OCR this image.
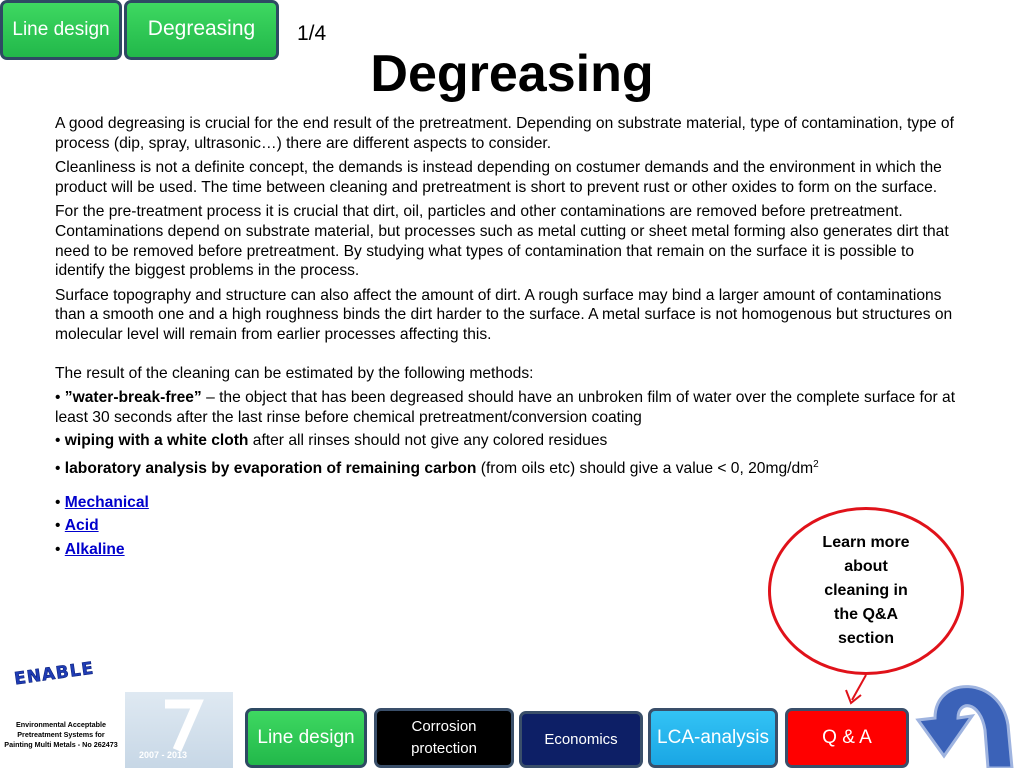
Line design Degreasing 1/4
Degreasing

A good degreasing is crucial for the end result of the pretreatment. Depending on substrate material, type of contamination, type of process (dip, spray, ultrasonic…) there are different aspects to consider.

Cleanliness is not a definite concept, the demands is instead depending on costumer demands and the environment in which the product will be used. The time between cleaning and pretreatment is short to prevent rust or other oxides to form on the surface.

For the pre-treatment process it is crucial that dirt, oil, particles and other contaminations are removed before pretreatment. Contaminations depend on substrate material, but processes such as metal cutting or sheet metal forming also generates dirt that need to be removed before pretreatment. By studying what types of contamination that remain on the surface it is possible to identify the biggest problems in the process.

Surface topography and structure can also affect the amount of dirt. A rough surface may bind a larger amount of contaminations than a smooth one and a high roughness binds the dirt harder to the surface. A metal surface is not homogenous but structures on molecular level will remain from earlier processes affecting this.

The result of the cleaning can be estimated by the following methods:

• ”water-break-free” – the object that has been degreased should have an unbroken film of water over the complete surface for at least 30 seconds after the last rinse before chemical pretreatment/conversion coating
• wiping with a white cloth after all rinses should not give any colored residues
• laboratory analysis by evaporation of remaining carbon (from oils etc) should give a value < 0, $20mg/dm^2$
• Mechanical
• Acid
• Alkaline	Learn more about cleaning in the Q&A section
ENABLE
Environmental Acceptable Pretreatment Systems for Painting Multi Metals - No 262473
2007 - 2013
Line design
Corrosion protection
Economics LCA-analysis	Q & A
